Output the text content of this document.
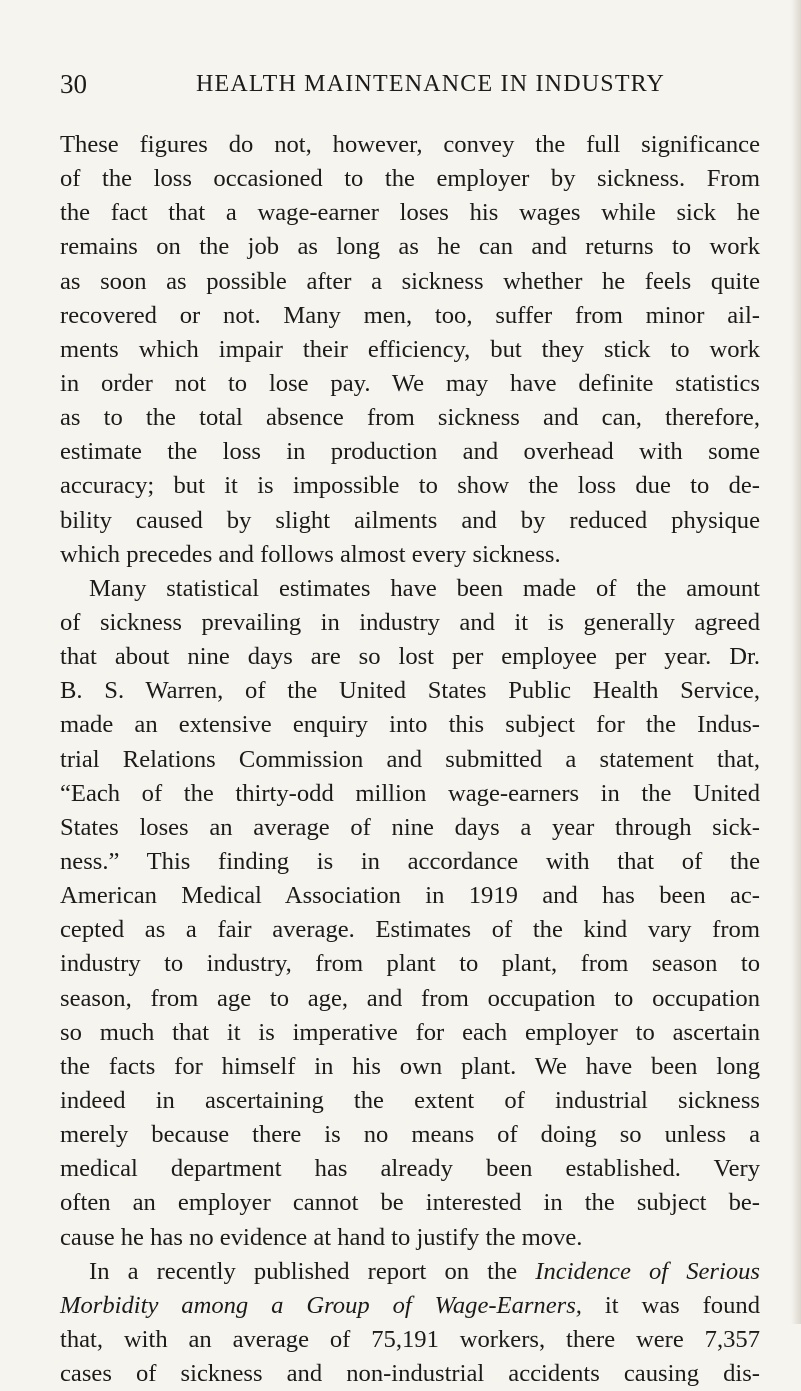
30	HEALTH MAINTENANCE IN INDUSTRY
These figures do not, however, convey the full significance
of the loss occasioned to the employer by sickness. From
the fact that a wage-earner loses his wages while sick he
remains on the job as long as he can and returns to work
as soon as possible after a sickness whether he feels quite
recovered or not. Many men, too, suffer from minor ail-
ments which impair their efficiency, but they stick to work
in order not to lose pay. We may have definite statistics
as to the total absence from sickness and can, therefore,
estimate the loss in production and overhead with some
accuracy; but it is impossible to show the loss due to de-
bility caused by slight ailments and by reduced physique
which precedes and follows almost every sickness.
Many statistical estimates have been made of the amount
of sickness prevailing in industry and it is generally agreed
that about nine days are so lost per employee per year. Dr.
B. S. Warren, of the United States Public Health Service,
made an extensive enquiry into this subject for the Indus-
trial Relations Commission and submitted a statement that,
“Each of the thirty-odd million wage-earners in the United
States loses an average of nine days a year through sick-
ness.” This finding is in accordance with that of the
American Medical Association in 1919 and has been ac-
cepted as a fair average. Estimates of the kind vary from
industry to industry, from plant to plant, from season to
season, from age to age, and from occupation to occupation
so much that it is imperative for each employer to ascertain
the facts for himself in his own plant. We have been long
indeed in ascertaining the extent of industrial sickness
merely because there is no means of doing so unless a
medical department has already been established. Very
often an employer cannot be interested in the subject be-
cause he has no evidence at hand to justify the move.
In a recently published report on the Incidence of Serious
Morbidity among a Group of Wage-Earners, it was found
that, with an average of 75,191 workers, there were 7,357
cases of sickness and non-industrial accidents causing dis-
